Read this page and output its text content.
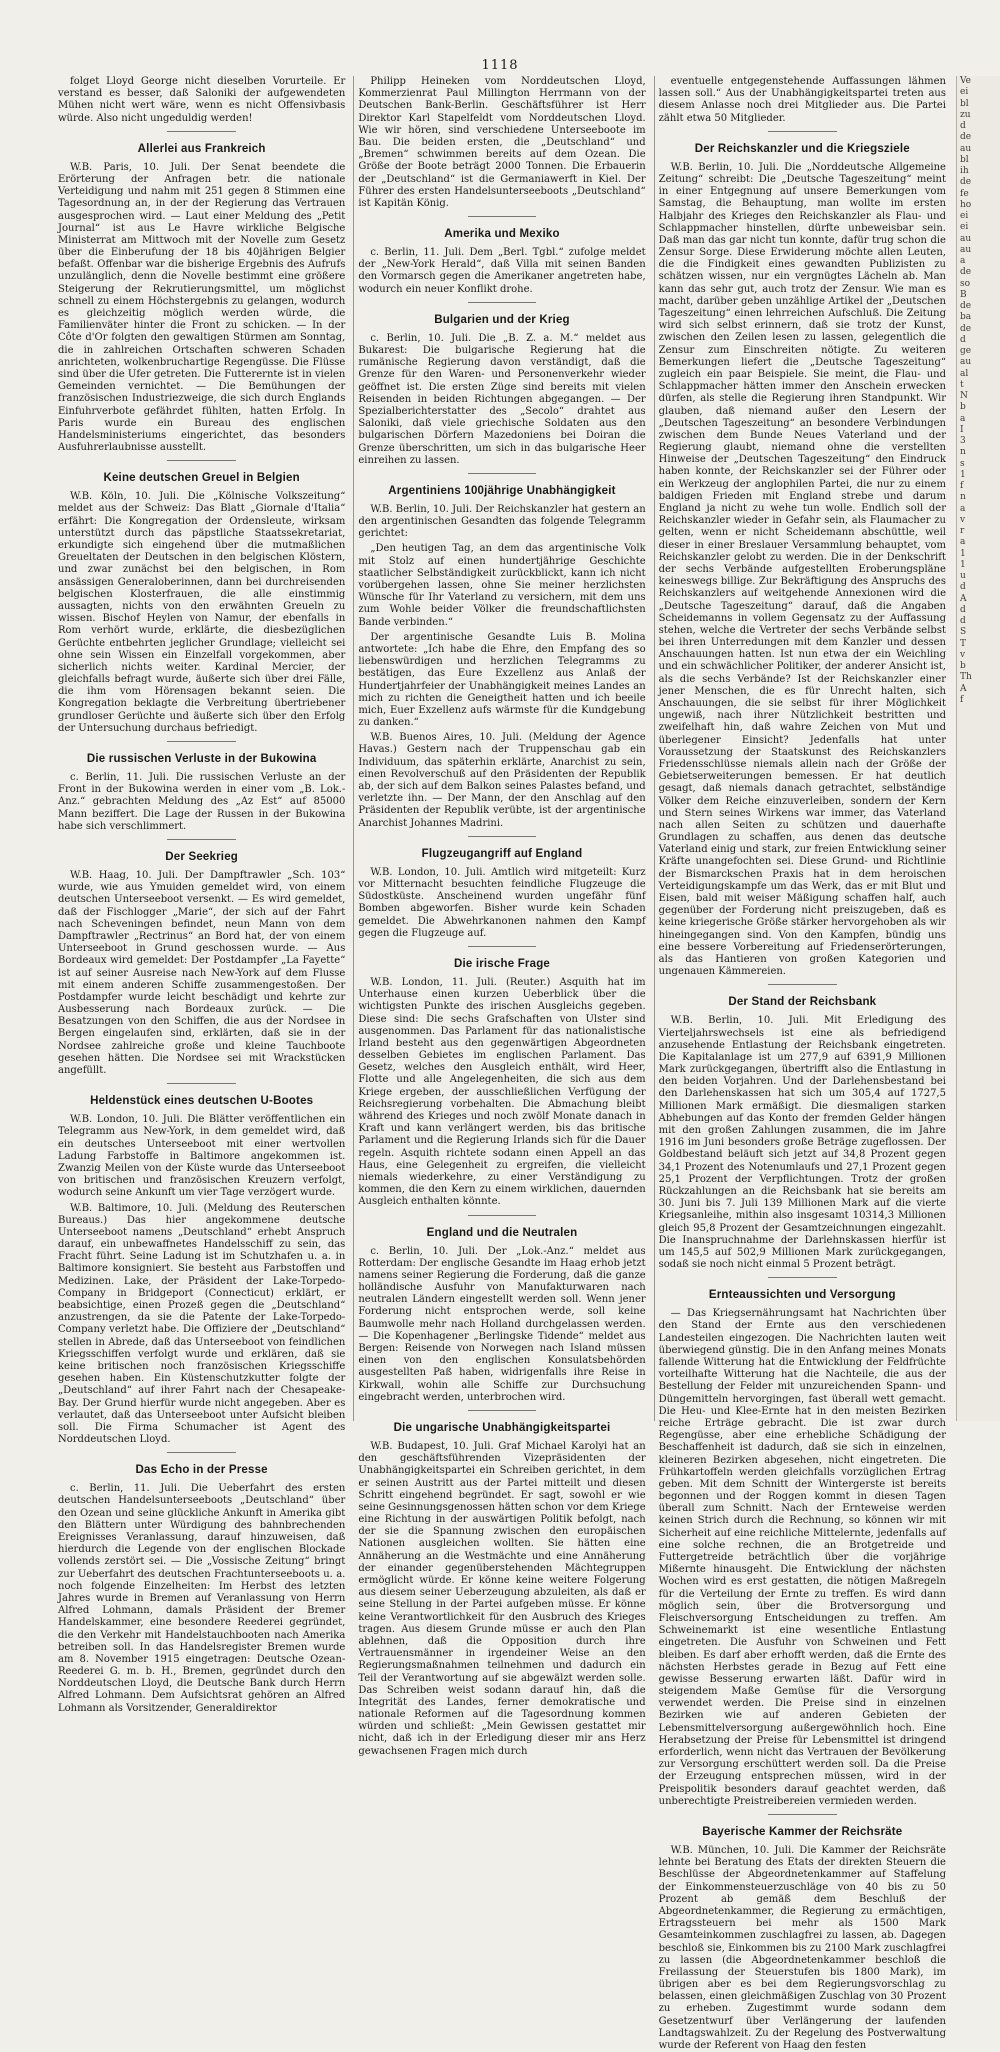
1118

folget Lloyd George nicht dieselben Vorurteile. Er verstand es besser, daß Saloniki der aufgewendeten Mühen nicht wert wäre, wenn es nicht Offensivbasis würde. Also nicht ungeduldig werden!

Allerlei aus Frankreich

W.B. Paris, 10. Juli. Der Senat beendete die Erörterung der Anfragen betr. die nationale Verteidigung und nahm mit 251 gegen 8 Stimmen eine Tagesordnung an, in der der Regierung das Vertrauen ausgesprochen wird. — Laut einer Meldung des „Petit Journal“ ist aus Le Havre wirkliche Belgische Ministerrat am Mittwoch mit der Novelle zum Gesetz über die Einberufung der 18 bis 40jährigen Belgier befaßt. Offenbar war die bisherige Ergebnis des Aufrufs unzulänglich, denn die Novelle bestimmt eine größere Steigerung der Rekrutierungsmittel, um möglichst schnell zu einem Höchstergebnis zu gelangen, wodurch es gleichzeitig möglich werden würde, die Familienväter hinter die Front zu schicken. — In der Côte d'Or folgten den gewaltigen Stürmen am Sonntag, die in zahlreichen Ortschaften schweren Schaden anrichteten, wolkenbruchartige Regengüsse. Die Flüsse sind über die Ufer getreten. Die Futterernte ist in vielen Gemeinden vernichtet. — Die Bemühungen der französischen Industriezweige, die sich durch Englands Einfuhrverbote gefährdet fühlten, hatten Erfolg. In Paris wurde ein Bureau des englischen Handelsministeriums eingerichtet, das besonders Ausfuhrerlaubnisse ausstellt.

Keine deutschen Greuel in Belgien

W.B. Köln, 10. Juli. Die „Kölnische Volkszeitung“ meldet aus der Schweiz: Das Blatt „Giornale d'Italia“ erfährt: Die Kongregation der Ordensleute, wirksam unterstützt durch das päpstliche Staatssekretariat, erkundigte sich eingehend über die mutmaßlichen Greueltaten der Deutschen in den belgischen Klöstern, und zwar zunächst bei den belgischen, in Rom ansässigen Generaloberinnen, dann bei durchreisenden belgischen Klosterfrauen, die alle einstimmig aussagten, nichts von den erwähnten Greueln zu wissen. Bischof Heylen von Namur, der ebenfalls in Rom verhört wurde, erklärte, die diesbezüglichen Gerüchte entbehrten jeglicher Grundlage; vielleicht sei ohne sein Wissen ein Einzelfall vorgekommen, aber sicherlich nichts weiter. Kardinal Mercier, der gleichfalls befragt wurde, äußerte sich über drei Fälle, die ihm vom Hörensagen bekannt seien. Die Kongregation beklagte die Verbreitung übertriebener grundloser Gerüchte und äußerte sich über den Erfolg der Untersuchung durchaus befriedigt.

Die russischen Verluste in der Bukowina

c. Berlin, 11. Juli. Die russischen Verluste an der Front in der Bukowina werden in einer vom „B. Lok.-Anz.“ gebrachten Meldung des „Az Est“ auf 85000 Mann beziffert. Die Lage der Russen in der Bukowina habe sich verschlimmert.

Der Seekrieg

W.B. Haag, 10. Juli. Der Dampftrawler „Sch. 103“ wurde, wie aus Ymuiden gemeldet wird, von einem deutschen Unterseeboot versenkt. — Es wird gemeldet, daß der Fischlogger „Marie“, der sich auf der Fahrt nach Scheveningen befindet, neun Mann von dem Dampftrawler „Rectrinus“ an Bord hat, der von einem Unterseeboot in Grund geschossen wurde. — Aus Bordeaux wird gemeldet: Der Postdampfer „La Fayette“ ist auf seiner Ausreise nach New-York auf dem Flusse mit einem anderen Schiffe zusammengestoßen. Der Postdampfer wurde leicht beschädigt und kehrte zur Ausbesserung nach Bordeaux zurück. — Die Besatzungen von den Schiffen, die aus der Nordsee in Bergen eingelaufen sind, erklärten, daß sie in der Nordsee zahlreiche große und kleine Tauchboote gesehen hätten. Die Nordsee sei mit Wrackstücken angefüllt.

Heldenstück eines deutschen U-Bootes

W.B. London, 10. Juli. Die Blätter veröffentlichen ein Telegramm aus New-York, in dem gemeldet wird, daß ein deutsches Unterseeboot mit einer wertvollen Ladung Farbstoffe in Baltimore angekommen ist. Zwanzig Meilen von der Küste wurde das Unterseeboot von britischen und französischen Kreuzern verfolgt, wodurch seine Ankunft um vier Tage verzögert wurde.

W.B. Baltimore, 10. Juli. (Meldung des Reuterschen Bureaus.) Das hier angekommene deutsche Unterseeboot namens „Deutschland“ erhebt Anspruch darauf, ein unbewaffnetes Handelsschiff zu sein, das Fracht führt. Seine Ladung ist im Schutzhafen u. a. in Baltimore konsigniert. Sie besteht aus Farbstoffen und Medizinen. Lake, der Präsident der Lake-Torpedo-Company in Bridgeport (Connecticut) erklärt, er beabsichtige, einen Prozeß gegen die „Deutschland“ anzustrengen, da sie die Patente der Lake-Torpedo-Company verletzt habe. Die Offiziere der „Deutschland“ stellen in Abrede, daß das Unterseeboot von feindlichen Kriegsschiffen verfolgt wurde und erklären, daß sie keine britischen noch französischen Kriegsschiffe gesehen haben. Ein Küstenschutzkutter folgte der „Deutschland“ auf ihrer Fahrt nach der Chesapeake-Bay. Der Grund hierfür wurde nicht angegeben. Aber es verlautet, daß das Unterseeboot unter Aufsicht bleiben soll. Die Firma Schumacher ist Agent des Norddeutschen Lloyd.

Das Echo in der Presse

c. Berlin, 11. Juli. Die Ueberfahrt des ersten deutschen Handelsunterseeboots „Deutschland“ über den Ozean und seine glückliche Ankunft in Amerika gibt den Blättern unter Würdigung des bahnbrechenden Ereignisses Veranlassung, darauf hinzuweisen, daß hierdurch die Legende von der englischen Blockade vollends zerstört sei. — Die „Vossische Zeitung“ bringt zur Ueberfahrt des deutschen Frachtunterseeboots u. a. noch folgende Einzelheiten: Im Herbst des letzten Jahres wurde in Bremen auf Veranlassung von Herrn Alfred Lohmann, damals Präsident der Bremer Handelskammer, eine besondere Reederei gegründet, die den Verkehr mit Handelstauchbooten nach Amerika betreiben soll. In das Handelsregister Bremen wurde am 8. November 1915 eingetragen: Deutsche Ozean-Reederei G. m. b. H., Bremen, gegründet durch den Norddeutschen Lloyd, die Deutsche Bank durch Herrn Alfred Lohmann. Dem Aufsichtsrat gehören an Alfred Lohmann als Vorsitzender, Generaldirektor

Philipp Heineken vom Norddeutschen Lloyd, Kommerzienrat Paul Millington Herrmann von der Deutschen Bank-Berlin. Geschäftsführer ist Herr Direktor Karl Stapelfeldt vom Norddeutschen Lloyd. Wie wir hören, sind verschiedene Unterseeboote im Bau. Die beiden ersten, die „Deutschland“ und „Bremen“ schwimmen bereits auf dem Ozean. Die Größe der Boote beträgt 2000 Tonnen. Die Erbauerin der „Deutschland“ ist die Germaniawerft in Kiel. Der Führer des ersten Handelsunterseeboots „Deutschland“ ist Kapitän König.

Amerika und Mexiko

c. Berlin, 11. Juli. Dem „Berl. Tgbl.“ zufolge meldet der „New-York Herald“, daß Villa mit seinen Banden den Vormarsch gegen die Amerikaner angetreten habe, wodurch ein neuer Konflikt drohe.

Bulgarien und der Krieg

c. Berlin, 10. Juli. Die „B. Z. a. M.“ meldet aus Bukarest: Die bulgarische Regierung hat die rumänische Regierung davon verständigt, daß die Grenze für den Waren- und Personenverkehr wieder geöffnet ist. Die ersten Züge sind bereits mit vielen Reisenden in beiden Richtungen abgegangen. — Der Spezialberichterstatter des „Secolo“ drahtet aus Saloniki, daß viele griechische Soldaten aus den bulgarischen Dörfern Mazedoniens bei Doiran die Grenze überschritten, um sich in das bulgarische Heer einreihen zu lassen.

Argentiniens 100jährige Unabhängigkeit

W.B. Berlin, 10. Juli. Der Reichskanzler hat gestern an den argentinischen Gesandten das folgende Telegramm gerichtet:

„Den heutigen Tag, an dem das argentinische Volk mit Stolz auf einen hundertjährige Geschichte staatlicher Selbständigkeit zurückblickt, kann ich nicht vorübergehen lassen, ohne Sie meiner herzlichsten Wünsche für Ihr Vaterland zu versichern, mit dem uns zum Wohle beider Völker die freundschaftlichsten Bande verbinden.“

Der argentinische Gesandte Luis B. Molina antwortete: „Ich habe die Ehre, den Empfang des so liebenswürdigen und herzlichen Telegramms zu bestätigen, das Eure Exzellenz aus Anlaß der Hundertjahrfeier der Unabhängigkeit meines Landes an mich zu richten die Geneigtheit hatten und ich beeile mich, Euer Exzellenz aufs wärmste für die Kundgebung zu danken.“

W.B. Buenos Aires, 10. Juli. (Meldung der Agence Havas.) Gestern nach der Truppenschau gab ein Individuum, das späterhin erklärte, Anarchist zu sein, einen Revolverschuß auf den Präsidenten der Republik ab, der sich auf dem Balkon seines Palastes befand, und verletzte ihn. — Der Mann, der den Anschlag auf den Präsidenten der Republik verübte, ist der argentinische Anarchist Johannes Madrini.

Flugzeugangriff auf England

W.B. London, 10. Juli. Amtlich wird mitgeteilt: Kurz vor Mitternacht besuchten feindliche Flugzeuge die Südostküste. Anscheinend wurden ungefähr fünf Bomben abgeworfen. Bisher wurde kein Schaden gemeldet. Die Abwehrkanonen nahmen den Kampf gegen die Flugzeuge auf.

Die irische Frage

W.B. London, 11. Juli. (Reuter.) Asquith hat im Unterhause einen kurzen Ueberblick über die wichtigsten Punkte des irischen Ausgleichs gegeben. Diese sind: Die sechs Grafschaften von Ulster sind ausgenommen. Das Parlament für das nationalistische Irland besteht aus den gegenwärtigen Abgeordneten desselben Gebietes im englischen Parlament. Das Gesetz, welches den Ausgleich enthält, wird Heer, Flotte und alle Angelegenheiten, die sich aus dem Kriege ergeben, der ausschließlichen Verfügung der Reichsregierung vorbehalten. Die Abmachung bleibt während des Krieges und noch zwölf Monate danach in Kraft und kann verlängert werden, bis das britische Parlament und die Regierung Irlands sich für die Dauer regeln. Asquith richtete sodann einen Appell an das Haus, eine Gelegenheit zu ergreifen, die vielleicht niemals wiederkehre, zu einer Verständigung zu kommen, die den Kern zu einem wirklichen, dauernden Ausgleich enthalten könnte.

England und die Neutralen

c. Berlin, 10. Juli. Der „Lok.-Anz.“ meldet aus Rotterdam: Der englische Gesandte im Haag erhob jetzt namens seiner Regierung die Forderung, daß die ganze holländische Ausfuhr von Manufakturwaren nach neutralen Ländern eingestellt werden soll. Wenn jener Forderung nicht entsprochen werde, soll keine Baumwolle mehr nach Holland durchgelassen werden. — Die Kopenhagener „Berlingske Tidende“ meldet aus Bergen: Reisende von Norwegen nach Island müssen einen von den englischen Konsulatsbehörden ausgestellten Paß haben, widrigenfalls ihre Reise in Kirkwall, wohin alle Schiffe zur Durchsuchung eingebracht werden, unterbrochen wird.

Die ungarische Unabhängigkeitspartei

W.B. Budapest, 10. Juli. Graf Michael Karolyi hat an den geschäftsführenden Vizepräsidenten der Unabhängigkeitspartei ein Schreiben gerichtet, in dem er seinen Austritt aus der Partei mitteilt und diesen Schritt eingehend begründet. Er sagt, sowohl er wie seine Gesinnungsgenossen hätten schon vor dem Kriege eine Richtung in der auswärtigen Politik befolgt, nach der sie die Spannung zwischen den europäischen Nationen ausgleichen wollten. Sie hätten eine Annäherung an die Westmächte und eine Annäherung der einander gegenüberstehenden Mächtegruppen ermöglicht würde. Er könne keine weitere Folgerung aus diesem seiner Ueberzeugung abzuleiten, als daß er seine Stellung in der Partei aufgeben müsse. Er könne keine Verantwortlichkeit für den Ausbruch des Krieges tragen. Aus diesem Grunde müsse er auch den Plan ablehnen, daß die Opposition durch ihre Vertrauensmänner in irgendeiner Weise an den Regierungsmaßnahmen teilnehmen und dadurch ein Teil der Verantwortung auf sie abgewälzt werden solle. Das Schreiben weist sodann darauf hin, daß die Integrität des Landes, ferner demokratische und nationale Reformen auf die Tagesordnung kommen würden und schließt: „Mein Gewissen gestattet mir nicht, daß ich in der Erledigung dieser mir ans Herz gewachsenen Fragen mich durch

eventuelle entgegenstehende Auffassungen lähmen lassen soll.“ Aus der Unabhängigkeitspartei treten aus diesem Anlasse noch drei Mitglieder aus. Die Partei zählt etwa 50 Mitglieder.

Der Reichskanzler und die Kriegsziele

W.B. Berlin, 10. Juli. Die „Norddeutsche Allgemeine Zeitung“ schreibt: Die „Deutsche Tageszeitung“ meint in einer Entgegnung auf unsere Bemerkungen vom Samstag, die Behauptung, man wollte im ersten Halbjahr des Krieges den Reichskanzler als Flau- und Schlappmacher hinstellen, dürfte unbeweisbar sein. Daß man das gar nicht tun konnte, dafür trug schon die Zensur Sorge. Diese Erwiderung möchte allen Leuten, die die Findigkeit eines gewandten Publizisten zu schätzen wissen, nur ein vergnügtes Lächeln ab. Man kann das sehr gut, auch trotz der Zensur. Wie man es macht, darüber geben unzählige Artikel der „Deutschen Tageszeitung“ einen lehrreichen Aufschluß. Die Zeitung wird sich selbst erinnern, daß sie trotz der Kunst, zwischen den Zeilen lesen zu lassen, gelegentlich die Zensur zum Einschreiten nötigte. Zu weiteren Bemerkungen liefert die „Deutsche Tageszeitung“ zugleich ein paar Beispiele. Sie meint, die Flau- und Schlappmacher hätten immer den Anschein erwecken dürfen, als stelle die Regierung ihren Standpunkt. Wir glauben, daß niemand außer den Lesern der „Deutschen Tageszeitung“ an besondere Verbindungen zwischen dem Bunde Neues Vaterland und der Regierung glaubt, niemand ohne die verstellten Hinweise der „Deutschen Tageszeitung“ den Eindruck haben konnte, der Reichskanzler sei der Führer oder ein Werkzeug der anglophilen Partei, die nur zu einem baldigen Frieden mit England strebe und darum England ja nicht zu wehe tun wolle. Endlich soll der Reichskanzler wieder in Gefahr sein, als Flaumacher zu gelten, wenn er nicht Scheidemann abschüttle, weil dieser in einer Breslauer Versammlung behauptet, vom Reichskanzler gelobt zu werden. Die in der Denkschrift der sechs Verbände aufgestellten Eroberungspläne keineswegs billige. Zur Bekräftigung des Anspruchs des Reichskanzlers auf weitgehende Annexionen wird die „Deutsche Tageszeitung“ darauf, daß die Angaben Scheidemanns in vollem Gegensatz zu der Auffassung stehen, welche die Vertreter der sechs Verbände selbst bei ihren Unterredungen mit dem Kanzler und dessen Anschauungen hatten. Ist nun etwa der ein Weichling und ein schwächlicher Politiker, der anderer Ansicht ist, als die sechs Verbände? Ist der Reichskanzler einer jener Menschen, die es für Unrecht halten, sich Anschauungen, die sie selbst für ihrer Möglichkeit ungewiß, nach ihrer Nützlichkeit bestritten und zweifelhaft hin, daß wahre Zeichen von Mut und überlegener Einsicht? Jedenfalls hat unter Voraussetzung der Staatskunst des Reichskanzlers Friedensschlüsse niemals allein nach der Größe der Gebietserweiterungen bemessen. Er hat deutlich gesagt, daß niemals danach getrachtet, selbständige Völker dem Reiche einzuverleiben, sondern der Kern und Stern seines Wirkens war immer, das Vaterland nach allen Seiten zu schützen und dauerhafte Grundlagen zu schaffen, aus denen das deutsche Vaterland einig und stark, zur freien Entwicklung seiner Kräfte unangefochten sei. Diese Grund- und Richtlinie der Bismarckschen Praxis hat in dem heroischen Verteidigungskampfe um das Werk, das er mit Blut und Eisen, bald mit weiser Mäßigung schaffen half, auch gegenüber der Forderung nicht preiszugeben, daß es keine kriegerische Größe stärker hervorgehoben als wir hineingegangen sind. Von den Kampfen, bündig uns eine bessere Vorbereitung auf Friedenserörterungen, als das Hantieren von großen Kategorien und ungenauen Kämmereien.

Der Stand der Reichsbank

W.B. Berlin, 10. Juli. Mit Erledigung des Vierteljahrswechsels ist eine als befriedigend anzusehende Entlastung der Reichsbank eingetreten. Die Kapitalanlage ist um 277,9 auf 6391,9 Millionen Mark zurückgegangen, übertrifft also die Entlastung in den beiden Vorjahren. Und der Darlehensbestand bei den Darlehenskassen hat sich um 305,4 auf 1727,5 Millionen Mark ermäßigt. Die diesmaligen starken Abhebungen auf das Konto der fremden Gelder hängen mit den großen Zahlungen zusammen, die im Jahre 1916 im Juni besonders große Beträge zugeflossen. Der Goldbestand beläuft sich jetzt auf 34,8 Prozent gegen 34,1 Prozent des Notenumlaufs und 27,1 Prozent gegen 25,1 Prozent der Verpflichtungen. Trotz der großen Rückzahlungen an die Reichsbank hat sie bereits am 30. Juni bis 7. Juli 139 Millionen Mark auf die vierte Kriegsanleihe, mithin also insgesamt 10314,3 Millionen gleich 95,8 Prozent der Gesamtzeichnungen eingezahlt. Die Inanspruchnahme der Darlehnskassen hierfür ist um 145,5 auf 502,9 Millionen Mark zurückgegangen, sodaß sie noch nicht einmal 5 Prozent beträgt.

Ernteaussichten und Versorgung

— Das Kriegsernährungsamt hat Nachrichten über den Stand der Ernte aus den verschiedenen Landesteilen eingezogen. Die Nachrichten lauten weit überwiegend günstig. Die in den Anfang meines Monats fallende Witterung hat die Entwicklung der Feldfrüchte vorteilhafte Witterung hat die Nachteile, die aus der Bestellung der Felder mit unzureichenden Spann- und Düngemitteln hervorgingen, fast überall wett gemacht. Die Heu- und Klee-Ernte hat in den meisten Bezirken reiche Erträge gebracht. Die ist zwar durch Regengüsse, aber eine erhebliche Schädigung der Beschaffenheit ist dadurch, daß sie sich in einzelnen, kleineren Bezirken abgesehen, nicht eingetreten. Die Frühkartoffeln werden gleichfalls vorzüglichen Ertrag geben. Mit dem Schnitt der Wintergerste ist bereits begonnen und der Roggen kommt in diesen Tagen überall zum Schnitt. Nach der Ernteweise werden keinen Strich durch die Rechnung, so können wir mit Sicherheit auf eine reichliche Mittelernte, jedenfalls auf eine solche rechnen, die an Brotgetreide und Futtergetreide beträchtlich über die vorjährige Mißernte hinausgeht. Die Entwicklung der nächsten Wochen wird es erst gestatten, die nötigen Maßregeln für die Verteilung der Ernte zu treffen. Es wird dann möglich sein, über die Brotversorgung und Fleischversorgung Entscheidungen zu treffen. Am Schweinemarkt ist eine wesentliche Entlastung eingetreten. Die Ausfuhr von Schweinen und Fett bleiben. Es darf aber erhofft werden, daß die Ernte des nächsten Herbstes gerade in Bezug auf Fett eine gewisse Besserung erwarten läßt. Dafür wird in steigendem Maße Gemüse für die Versorgung verwendet werden. Die Preise sind in einzelnen Bezirken wie auf anderen Gebieten der Lebensmittelversorgung außergewöhnlich hoch. Eine Herabsetzung der Preise für Lebensmittel ist dringend erforderlich, wenn nicht das Vertrauen der Bevölkerung zur Versorgung erschüttert werden soll. Da die Preise der Erzeugung entsprechen müssen, wird in der Preispolitik besonders darauf geachtet werden, daß unberechtigte Preistreibereien vermieden werden.

Bayerische Kammer der Reichsräte

W.B. München, 10. Juli. Die Kammer der Reichsräte lehnte bei Beratung des Etats der direkten Steuern die Beschlüsse der Abgeordnetenkammer auf Staffelung der Einkommensteuerzuschläge von 40 bis zu 50 Prozent ab gemäß dem Beschluß der Abgeordnetenkammer, die Regierung zu ermächtigen, Ertragssteuern bei mehr als 1500 Mark Gesamteinkommen zuschlagfrei zu lassen, ab. Dagegen beschloß sie, Einkommen bis zu 2100 Mark zuschlagfrei zu lassen (die Abgeordnetenkammer beschloß die Freilassung der Steuerstufen bis 1800 Mark), im übrigen aber es bei dem Regierungsvorschlag zu belassen, einen gleichmäßigen Zuschlag von 30 Prozent zu erheben. Zugestimmt wurde sodann dem Gesetzentwurf über Verlängerung der laufenden Landtagswahlzeit. Zu der Regelung des Postverwaltung wurde der Referent von Haag den festen

Ve
ei
bl
zu
d
de
au
bl
ih
de
fe
ho
ei
ei
au
au
a
de
so
B
de
ba
de
d
ge
au
al
t
N
b
a
I
3
n
s
1
f
n
a
v
r
a
1
1
u
d
A
d
d
S
T
v
b
Th
A
f
